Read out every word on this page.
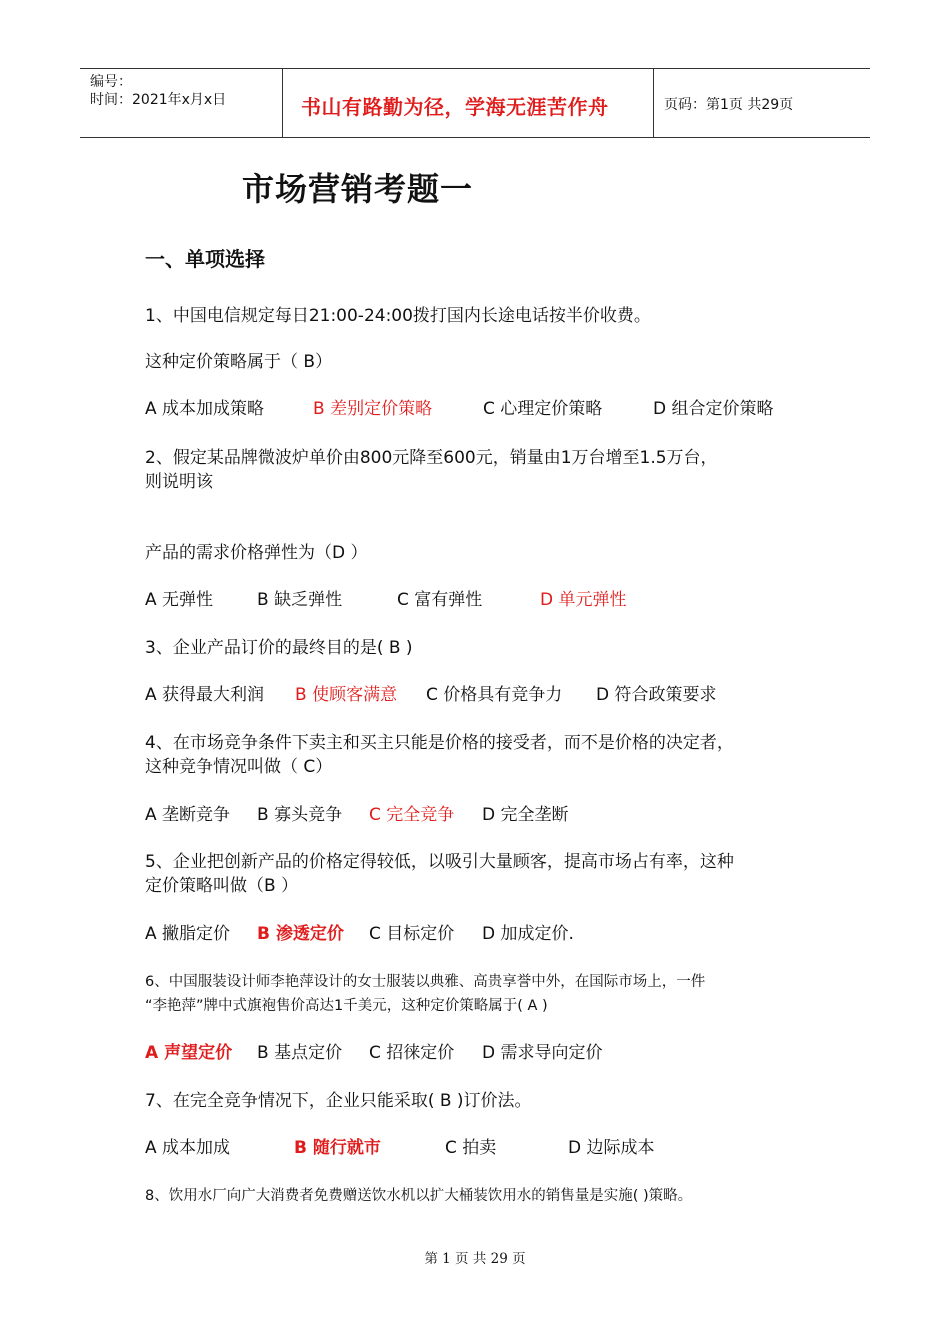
编号：
时间：2021年x月x日	书山有路勤为径，学海无涯苦作舟	页码：第1页 共29页
市场营销考题一
一、单项选择
1、中国电信规定每日21:00-24:00拨打国内长途电话按半价收费。
这种定价策略属于（ B）
A 成本加成策略	B 差别定价策略	C 心理定价策略	D 组合定价策略
2、假定某品牌微波炉单价由800元降至600元，销量由1万台增至1.5万台，
则说明该
产品的需求价格弹性为（D ）
A 无弹性	B 缺乏弹性	C 富有弹性	D 单元弹性
3、企业产品订价的最终目的是( B )
A 获得最大利润 B 使顾客满意 C 价格具有竞争力 D 符合政策要求
4、在市场竞争条件下卖主和买主只能是价格的接受者，而不是价格的决定者，
这种竞争情况叫做（ C）
A 垄断竞争 B 寡头竞争 C 完全竞争 D 完全垄断
5、企业把创新产品的价格定得较低，以吸引大量顾客，提高市场占有率，这种
定价策略叫做（B ）
A 撇脂定价 B 渗透定价 C 目标定价 D 加成定价.
6、中国服装设计师李艳萍设计的女士服装以典雅、高贵享誉中外，在国际市场上，一件
“李艳萍”牌中式旗袍售价高达1千美元，这种定价策略属于( A )
A 声望定价 B 基点定价 C 招徕定价 D 需求导向定价
7、在完全竞争情况下，企业只能采取( B )订价法。
A 成本加成	B 随行就市	C 拍卖	D 边际成本
8、饮用水厂向广大消费者免费赠送饮水机以扩大桶装饮用水的销售量是实施( )策略。
第 1 页 共 29 页
